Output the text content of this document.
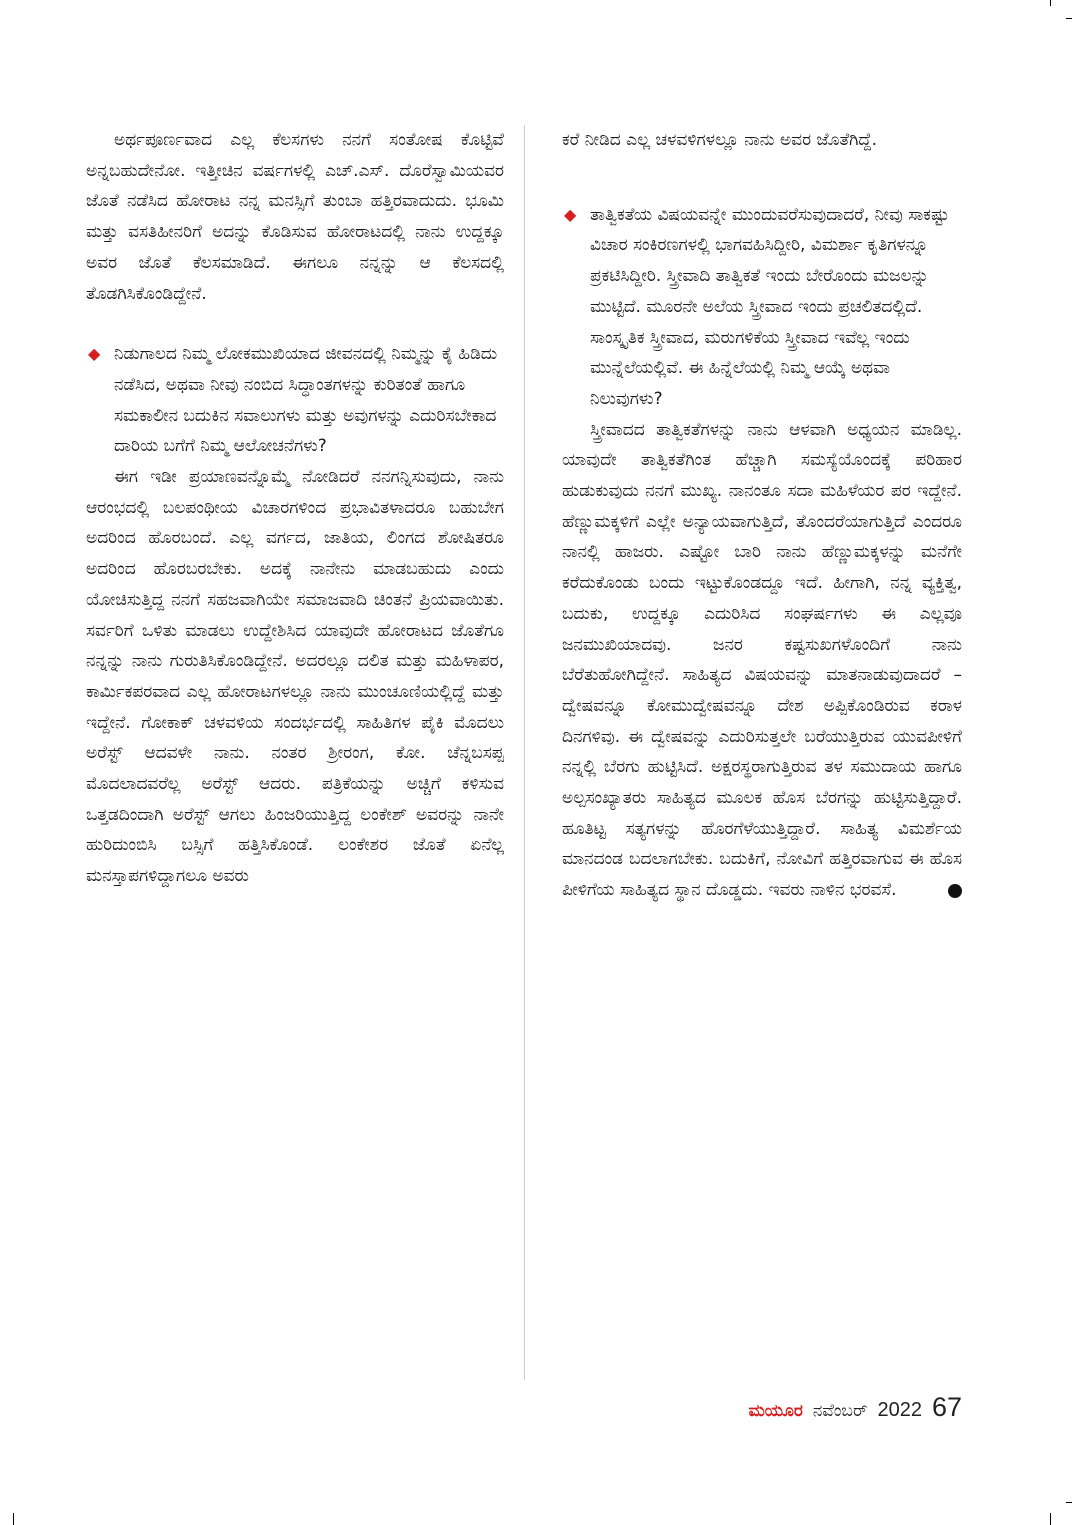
ಅರ್ಥಪೂರ್ಣವಾದ ಎಲ್ಲ ಕೆಲಸಗಳು ನನಗೆ ಸಂತೋಷ ಕೊಟ್ಟಿವೆ ಅನ್ನಬಹುದೇನೋ. ಇತ್ತೀಚಿನ ವರ್ಷಗಳಲ್ಲಿ ಎಚ್.ಎಸ್. ದೊರೆಸ್ವಾಮಿಯವರ ಜೊತೆ ನಡೆಸಿದ ಹೋರಾಟ ನನ್ನ ಮನಸ್ಸಿಗೆ ತುಂಬಾ ಹತ್ತಿರವಾದುದು. ಭೂಮಿ ಮತ್ತು ವಸತಿಹೀನರಿಗೆ ಅದನ್ನು ಕೊಡಿಸುವ ಹೋರಾಟದಲ್ಲಿ ನಾನು ಉದ್ದಕ್ಕೂ ಅವರ ಜೊತೆ ಕೆಲಸಮಾಡಿದೆ. ಈಗಲೂ ನನ್ನನ್ನು ಆ ಕೆಲಸದಲ್ಲಿ ತೊಡಗಿಸಿಕೊಂಡಿದ್ದೇನೆ.

◆ ನಿಡುಗಾಲದ ನಿಮ್ಮ ಲೋಕಮುಖಿಯಾದ ಜೀವನದಲ್ಲಿ ನಿಮ್ಮನ್ನು ಕೈ ಹಿಡಿದು ನಡೆಸಿದ, ಅಥವಾ ನೀವು ನಂಬಿದ ಸಿದ್ಧಾಂತಗಳನ್ನು ಕುರಿತಂತೆ ಹಾಗೂ ಸಮಕಾಲೀನ ಬದುಕಿನ ಸವಾಲುಗಳು ಮತ್ತು ಅವುಗಳನ್ನು ಎದುರಿಸಬೇಕಾದ ದಾರಿಯ ಬಗೆಗೆ ನಿಮ್ಮ ಆಲೋಚನೆಗಳು?

ಈಗ ಇಡೀ ಪ್ರಯಾಣವನ್ನೊಮ್ಮೆ ನೋಡಿದರೆ ನನಗನ್ನಿಸುವುದು, ನಾನು ಆರಂಭದಲ್ಲಿ ಬಲಪಂಥೀಯ ವಿಚಾರಗಳಿಂದ ಪ್ರಭಾವಿತಳಾದರೂ ಬಹುಬೇಗ ಅದರಿಂದ ಹೊರಬಂದೆ. ಎಲ್ಲ ವರ್ಗದ, ಜಾತಿಯ, ಲಿಂಗದ ಶೋಷಿತರೂ ಅದರಿಂದ ಹೊರಬರಬೇಕು. ಅದಕ್ಕೆ ನಾನೇನು ಮಾಡಬಹುದು ಎಂದು ಯೋಚಿಸುತ್ತಿದ್ದ ನನಗೆ ಸಹಜವಾಗಿಯೇ ಸಮಾಜವಾದಿ ಚಿಂತನೆ ಪ್ರಿಯವಾಯಿತು. ಸರ್ವರಿಗೆ ಒಳಿತು ಮಾಡಲು ಉದ್ದೇಶಿಸಿದ ಯಾವುದೇ ಹೋರಾಟದ ಜೊತೆಗೂ ನನ್ನನ್ನು ನಾನು ಗುರುತಿಸಿಕೊಂಡಿದ್ದೇನೆ. ಅದರಲ್ಲೂ ದಲಿತ ಮತ್ತು ಮಹಿಳಾಪರ, ಕಾರ್ಮಿಕಪರವಾದ ಎಲ್ಲ ಹೋರಾಟಗಳಲ್ಲೂ ನಾನು ಮುಂಚೂಣಿಯಲ್ಲಿದ್ದೆ ಮತ್ತು ಇದ್ದೇನೆ. ಗೋಕಾಕ್ ಚಳವಳಿಯ ಸಂದರ್ಭದಲ್ಲಿ ಸಾಹಿತಿಗಳ ಪೈಕಿ ಮೊದಲು ಅರೆಸ್ಟ್ ಆದವಳೇ ನಾನು. ನಂತರ ಶ್ರೀರಂಗ, ಕೋ. ಚೆನ್ನಬಸಪ್ಪ ಮೊದಲಾದವರೆಲ್ಲ ಅರೆಸ್ಟ್ ಆದರು. ಪತ್ರಿಕೆಯನ್ನು ಅಚ್ಚಿಗೆ ಕಳಿಸುವ ಒತ್ತಡದಿಂದಾಗಿ ಅರೆಸ್ಟ್ ಆಗಲು ಹಿಂಜರಿಯುತ್ತಿದ್ದ ಲಂಕೇಶ್ ಅವರನ್ನು ನಾನೇ ಹುರಿದುಂಬಿಸಿ ಬಸ್ಸಿಗೆ ಹತ್ತಿಸಿಕೊಂಡೆ. ಲಂಕೇಶರ ಜೊತೆ ಏನೆಲ್ಲ ಮನಸ್ತಾಪಗಳಿದ್ದಾಗಲೂ ಅವರು

ಕರೆ ನೀಡಿದ ಎಲ್ಲ ಚಳವಳಿಗಳಲ್ಲೂ ನಾನು ಅವರ ಜೊತೆಗಿದ್ದೆ.

◆ ತಾತ್ವಿಕತೆಯ ವಿಷಯವನ್ನೇ ಮುಂದುವರೆಸುವುದಾದರೆ, ನೀವು ಸಾಕಷ್ಟು ವಿಚಾರ ಸಂಕಿರಣಗಳಲ್ಲಿ ಭಾಗವಹಿಸಿದ್ದೀರಿ, ವಿಮರ್ಶಾ ಕೃತಿಗಳನ್ನೂ ಪ್ರಕಟಿಸಿದ್ದೀರಿ. ಸ್ತ್ರೀವಾದಿ ತಾತ್ವಿಕತೆ ಇಂದು ಬೇರೊಂದು ಮಜಲನ್ನು ಮುಟ್ಟಿದೆ. ಮೂರನೇ ಅಲೆಯ ಸ್ತ್ರೀವಾದ ಇಂದು ಪ್ರಚಲಿತದಲ್ಲಿದೆ. ಸಾಂಸ್ಕೃತಿಕ ಸ್ತ್ರೀವಾದ, ಮರುಗಳಿಕೆಯ ಸ್ತ್ರೀವಾದ ಇವೆಲ್ಲ ಇಂದು ಮುನ್ನೆಲೆಯಲ್ಲಿವೆ. ಈ ಹಿನ್ನೆಲೆಯಲ್ಲಿ ನಿಮ್ಮ ಆಯ್ಕೆ ಅಥವಾ ನಿಲುವುಗಳು?

ಸ್ತ್ರೀವಾದದ ತಾತ್ವಿಕತೆಗಳನ್ನು ನಾನು ಆಳವಾಗಿ ಅಧ್ಯಯನ ಮಾಡಿಲ್ಲ. ಯಾವುದೇ ತಾತ್ವಿಕತೆಗಿಂತ ಹೆಚ್ಚಾಗಿ ಸಮಸ್ಯೆಯೊಂದಕ್ಕೆ ಪರಿಹಾರ ಹುಡುಕುವುದು ನನಗೆ ಮುಖ್ಯ. ನಾನಂತೂ ಸದಾ ಮಹಿಳೆಯರ ಪರ ಇದ್ದೇನೆ. ಹೆಣ್ಣುಮಕ್ಕಳಿಗೆ ಎಲ್ಲೇ ಅನ್ಯಾಯವಾಗುತ್ತಿದೆ, ತೊಂದರೆಯಾಗುತ್ತಿದೆ ಎಂದರೂ ನಾನಲ್ಲಿ ಹಾಜರು. ಎಷ್ಟೋ ಬಾರಿ ನಾನು ಹೆಣ್ಣುಮಕ್ಕಳನ್ನು ಮನೆಗೇ ಕರೆದುಕೊಂಡು ಬಂದು ಇಟ್ಟುಕೊಂಡದ್ದೂ ಇದೆ. ಹೀಗಾಗಿ, ನನ್ನ ವ್ಯಕ್ತಿತ್ವ, ಬದುಕು, ಉದ್ದಕ್ಕೂ ಎದುರಿಸಿದ ಸಂಘರ್ಷಗಳು ಈ ಎಲ್ಲವೂ ಜನಮುಖಿಯಾದವು. ಜನರ ಕಷ್ಟಸುಖಗಳೊಂದಿಗೆ ನಾನು ಬೆರೆತುಹೋಗಿದ್ದೇನೆ. ಸಾಹಿತ್ಯದ ವಿಷಯವನ್ನು ಮಾತನಾಡುವುದಾದರೆ – ದ್ವೇಷವನ್ನೂ ಕೋಮುದ್ವೇಷವನ್ನೂ ದೇಶ ಅಪ್ಪಿಕೊಂಡಿರುವ ಕರಾಳ ದಿನಗಳಿವು. ಈ ದ್ವೇಷವನ್ನು ಎದುರಿಸುತ್ತಲೇ ಬರೆಯುತ್ತಿರುವ ಯುವಪೀಳಿಗೆ ನನ್ನಲ್ಲಿ ಬೆರಗು ಹುಟ್ಟಿಸಿದೆ. ಅಕ್ಷರಸ್ಥರಾಗುತ್ತಿರುವ ತಳ ಸಮುದಾಯ ಹಾಗೂ ಅಲ್ಪಸಂಖ್ಯಾತರು ಸಾಹಿತ್ಯದ ಮೂಲಕ ಹೊಸ ಬೆರಗನ್ನು ಹುಟ್ಟಿಸುತ್ತಿದ್ದಾರೆ. ಹೂತಿಟ್ಟ ಸತ್ಯಗಳನ್ನು ಹೊರಗೆಳೆಯುತ್ತಿದ್ದಾರೆ. ಸಾಹಿತ್ಯ ವಿಮರ್ಶೆಯ ಮಾನದಂಡ ಬದಲಾಗಬೇಕು. ಬದುಕಿಗೆ, ನೋವಿಗೆ ಹತ್ತಿರವಾಗುವ ಈ ಹೊಸ ಪೀಳಿಗೆಯ ಸಾಹಿತ್ಯದ ಸ್ಥಾನ ದೊಡ್ಡದು. ಇವರು ನಾಳಿನ ಭರವಸೆ.

ಮಯೂರ ನವೆಂಬರ್ 2022 67
